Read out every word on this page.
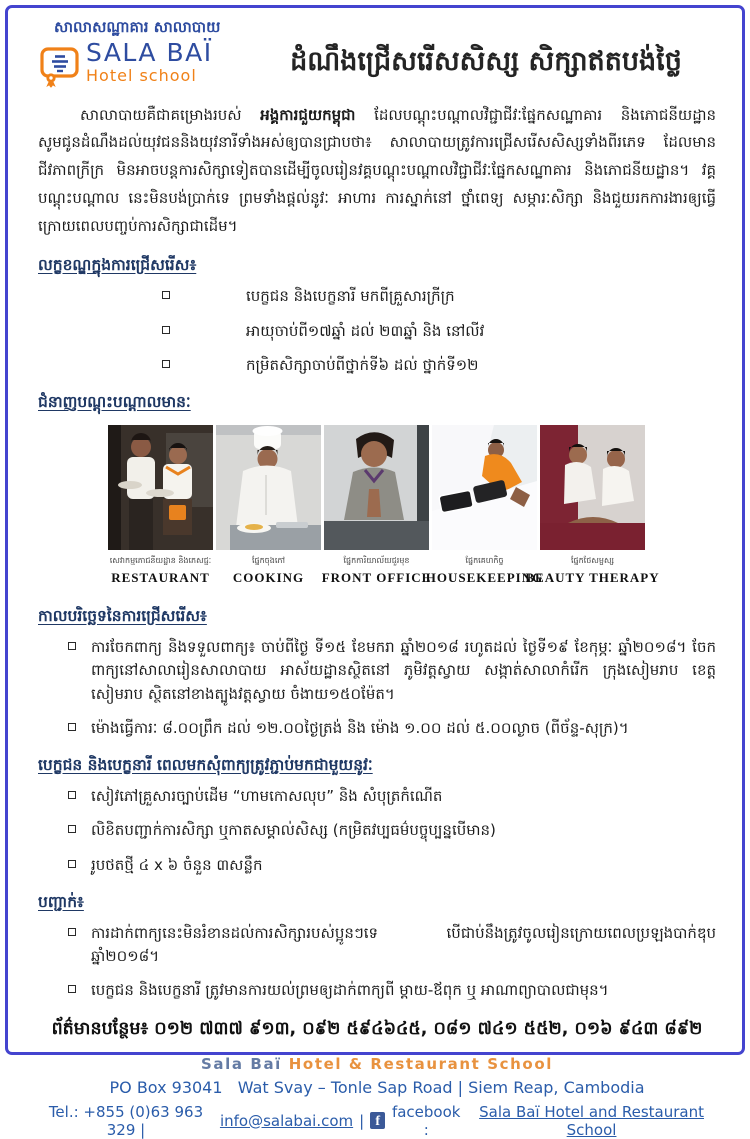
សាលាសណ្ឋាគារ សាលាបាយ
SALA BAÏ
Hotel school	ដំណឹងជ្រើសរើសសិស្ស សិក្សាឥតបង់ថ្លៃ

សាលាបាយគឺជាគម្រោងរបស់ អង្គការជួយកម្ពុជា ដែលបណ្ដុះបណ្ដាលវិជ្ជាជីវៈផ្នែកសណ្ឋាគារ និងភោជនីយដ្ឋាន សូមជូនដំណឹងដល់យុវជននិងយុវនារីទាំងអស់ឲ្យបានជ្រាបថា៖ សាលាបាយត្រូវការជ្រើសរើសសិស្សទាំងពីរភេទ ដែលមានជីវភាពក្រីក្រ មិនអាចបន្តការសិក្សាទៀតបានដើម្បីចូលរៀនវគ្គបណ្ដុះបណ្ដាលវិជ្ជាជីវៈផ្នែកសណ្ឋាគារ និងភោជនីយដ្ឋាន។ វគ្គបណ្ដុះបណ្ដាល នេះមិនបង់ប្រាក់ទេ ព្រមទាំងផ្ដល់នូវៈ អាហារ ការស្នាក់នៅ ថ្នាំពេទ្យ សម្ភារៈសិក្សា និងជួយរកការងារឲ្យធ្វើក្រោយពេលបញ្ចប់ការសិក្សាជាដើម។

លក្ខខណ្ឌក្នុងការជ្រើសរើស៖
បេក្ខជន និងបេក្ខនារី មកពីគ្រួសារក្រីក្រ
អាយុចាប់ពី១៧ឆ្នាំ ដល់ ២៣ឆ្នាំ និង នៅលីវ
កម្រិតសិក្សាចាប់ពីថ្នាក់ទី៦ ដល់ ថ្នាក់ទី១២
ជំនាញបណ្ដុះបណ្ដាលមានៈ
សេវាកម្មភោជនីយដ្ឋាន និងភេសជ្ជៈ
RESTAURANT
ផ្នែកចុងភៅ
COOKING
ផ្នែកការិយាល័យជួរមុខ
FRONT OFFICE
ផ្នែកគេហកិច្ច
HOUSEKEEPING
ផ្នែកថែសម្ផស្ស
BEAUTY THERAPY
កាលបរិច្ឆេទនៃការជ្រើសរើស៖
ការចែកពាក្យ និងទទួលពាក្យ៖ ចាប់ពីថ្ងៃ ទី១៥ ខែមករា ឆ្នាំ២០១៨ រហូតដល់ ថ្ងៃទី១៩ ខែកុម្ភៈ ឆ្នាំ២០១៨។ ចែកពាក្យនៅសាលារៀនសាលាបាយ អាស័យដ្ឋានស្ថិតនៅ ភូមិវត្តស្វាយ សង្កាត់សាលាកំរើក ក្រុងសៀមរាប ខេត្តសៀមរាប ស្ថិតនៅខាងត្បូងវត្តស្វាយ ចំងាយ១៥០ម៉ែត។
ម៉ោងធ្វើការៈ ៨.០០ព្រឹក ដល់ ១២.០០ថ្ងៃត្រង់ និង ម៉ោង ១.០០ ដល់ ៥.០០ល្ងាច (ពីច័ន្ទ-សុក្រ)។
បេក្ខជន និងបេក្ខនារី ពេលមកសុំពាក្យត្រូវភ្ជាប់មកជាមួយនូវៈ
សៀវភៅគ្រួសារច្បាប់ដើម “ហាមកោសលុប” និង សំបុត្រកំណើត
លិខិតបញ្ជាក់ការសិក្សា ឬកាតសម្គាល់សិស្ស (កម្រិតវប្បធម៌បច្ចុប្បន្នបើមាន)
រូបថតថ្មី ៤ x ៦ ចំនួន ៣សន្លឹក
បញ្ជាក់៖
ការដាក់ពាក្យនេះមិនរំខានដល់ការសិក្សារបស់ប្អូនៗទេ បើជាប់នឹងត្រូវចូលរៀនក្រោយពេលប្រឡងបាក់ឌុបឆ្នាំ២០១៨។
បេក្ខជន និងបេក្ខនារី ត្រូវមានការយល់ព្រមឲ្យដាក់ពាក្យពី ម្ដាយ-ឪពុក ឬ អាណាព្យាបាលជាមុន។
ព័ត៌មានបន្ថែម៖ ០១២ ៧៣៧ ៩១៣, ០៩២ ៥៩៤៦៤៥, ០៨១ ៧៤១ ៥៥២, ០១៦ ៩៤៣ ៨៩២
Sala Baï Hotel & Restaurant School
PO Box 93041   Wat Svay – Tonle Sap Road | Siem Reap, Cambodia
Tel.: +855 (0)63 963 329 |	info@salabai.com | f
facebook :
Sala Baï Hotel and Restaurant School
